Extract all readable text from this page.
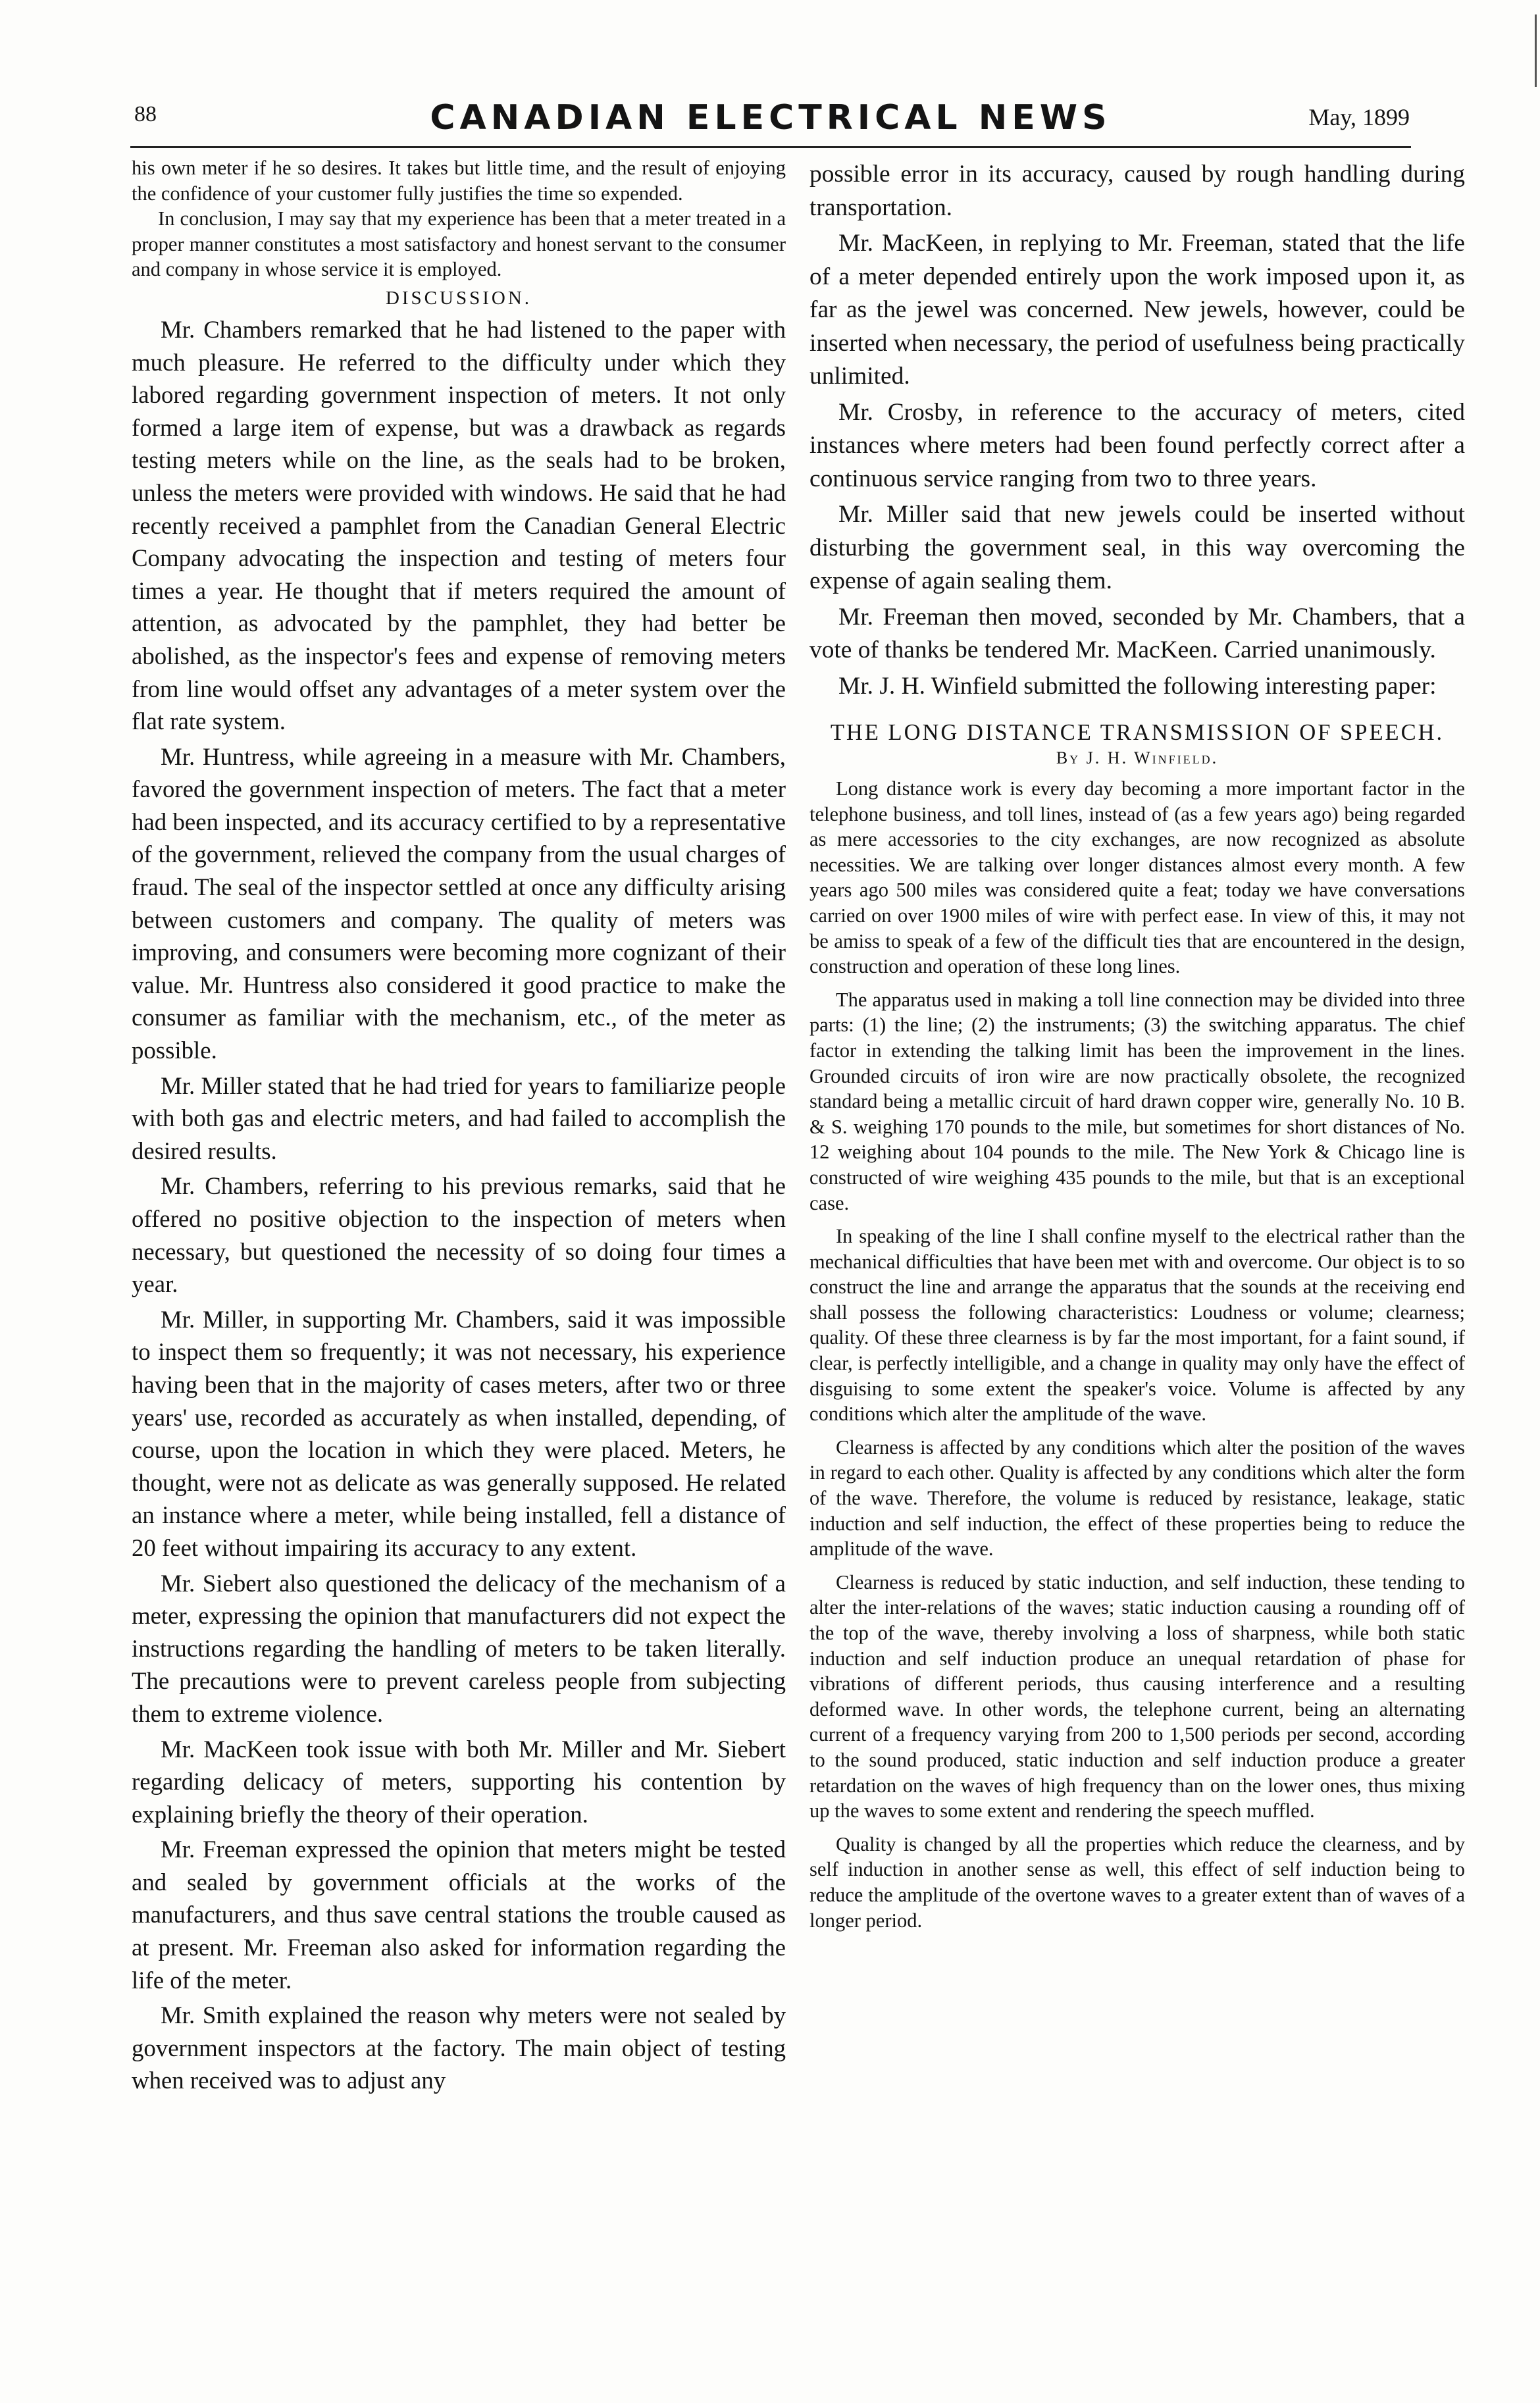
88	CANADIAN ELECTRICAL NEWS	May, 1899

his own meter if he so desires. It takes but little time, and the result of enjoying the confidence of your customer fully justifies the time so expended.

In conclusion, I may say that my experience has been that a meter treated in a proper manner constitutes a most satisfactory and honest servant to the consumer and company in whose service it is employed.

DISCUSSION.

Mr. Chambers remarked that he had listened to the paper with much pleasure. He referred to the difficulty under which they labored regarding government inspection of meters. It not only formed a large item of expense, but was a drawback as regards testing meters while on the line, as the seals had to be broken, unless the meters were provided with windows. He said that he had recently received a pamphlet from the Canadian General Electric Company advocating the inspection and testing of meters four times a year. He thought that if meters required the amount of attention, as advocated by the pamphlet, they had better be abolished, as the inspector's fees and expense of removing meters from line would offset any advantages of a meter system over the flat rate system.

Mr. Huntress, while agreeing in a measure with Mr. Chambers, favored the government inspection of meters. The fact that a meter had been inspected, and its accuracy certified to by a representative of the government, relieved the company from the usual charges of fraud. The seal of the inspector settled at once any difficulty arising between customers and company. The quality of meters was improving, and consumers were becoming more cognizant of their value. Mr. Huntress also considered it good practice to make the consumer as familiar with the mechanism, etc., of the meter as possible.

Mr. Miller stated that he had tried for years to familiarize people with both gas and electric meters, and had failed to accomplish the desired results.

Mr. Chambers, referring to his previous remarks, said that he offered no positive objection to the inspection of meters when necessary, but questioned the necessity of so doing four times a year.

Mr. Miller, in supporting Mr. Chambers, said it was impossible to inspect them so frequently; it was not necessary, his experience having been that in the majority of cases meters, after two or three years' use, recorded as accurately as when installed, depending, of course, upon the location in which they were placed. Meters, he thought, were not as delicate as was generally supposed. He related an instance where a meter, while being installed, fell a distance of 20 feet without impairing its accuracy to any extent.

Mr. Siebert also questioned the delicacy of the mechanism of a meter, expressing the opinion that manufacturers did not expect the instructions regarding the handling of meters to be taken literally. The precautions were to prevent careless people from subjecting them to extreme violence.

Mr. MacKeen took issue with both Mr. Miller and Mr. Siebert regarding delicacy of meters, supporting his contention by explaining briefly the theory of their operation.

Mr. Freeman expressed the opinion that meters might be tested and sealed by government officials at the works of the manufacturers, and thus save central stations the trouble caused as at present. Mr. Freeman also asked for information regarding the life of the meter.

Mr. Smith explained the reason why meters were not sealed by government inspectors at the factory. The main object of testing when received was to adjust any

possible error in its accuracy, caused by rough handling during transportation.

Mr. MacKeen, in replying to Mr. Freeman, stated that the life of a meter depended entirely upon the work imposed upon it, as far as the jewel was concerned. New jewels, however, could be inserted when necessary, the period of usefulness being practically unlimited.

Mr. Crosby, in reference to the accuracy of meters, cited instances where meters had been found perfectly correct after a continuous service ranging from two to three years.

Mr. Miller said that new jewels could be inserted without disturbing the government seal, in this way overcoming the expense of again sealing them.

Mr. Freeman then moved, seconded by Mr. Chambers, that a vote of thanks be tendered Mr. MacKeen. Carried unanimously.

Mr. J. H. Winfield submitted the following interesting paper:

THE LONG DISTANCE TRANSMISSION OF SPEECH.
By J. H. Winfield.

Long distance work is every day becoming a more important factor in the telephone business, and toll lines, instead of (as a few years ago) being regarded as mere accessories to the city exchanges, are now recognized as absolute necessities. We are talking over longer distances almost every month. A few years ago 500 miles was considered quite a feat; today we have conversations carried on over 1900 miles of wire with perfect ease. In view of this, it may not be amiss to speak of a few of the difficult ties that are encountered in the design, construction and operation of these long lines.

The apparatus used in making a toll line connection may be divided into three parts: (1) the line; (2) the instruments; (3) the switching apparatus. The chief factor in extending the talking limit has been the improvement in the lines. Grounded circuits of iron wire are now practically obsolete, the recognized standard being a metallic circuit of hard drawn copper wire, generally No. 10 B. & S. weighing 170 pounds to the mile, but sometimes for short distances of No. 12 weighing about 104 pounds to the mile. The New York & Chicago line is constructed of wire weighing 435 pounds to the mile, but that is an exceptional case.

In speaking of the line I shall confine myself to the electrical rather than the mechanical difficulties that have been met with and overcome. Our object is to so construct the line and arrange the apparatus that the sounds at the receiving end shall possess the following characteristics: Loudness or volume; clearness; quality. Of these three clearness is by far the most important, for a faint sound, if clear, is perfectly intelligible, and a change in quality may only have the effect of disguising to some extent the speaker's voice. Volume is affected by any conditions which alter the amplitude of the wave.

Clearness is affected by any conditions which alter the position of the waves in regard to each other. Quality is affected by any conditions which alter the form of the wave. Therefore, the volume is reduced by resistance, leakage, static induction and self induction, the effect of these properties being to reduce the amplitude of the wave.

Clearness is reduced by static induction, and self induction, these tending to alter the inter-relations of the waves; static induction causing a rounding off of the top of the wave, thereby involving a loss of sharpness, while both static induction and self induction produce an unequal retardation of phase for vibrations of different periods, thus causing interference and a resulting deformed wave. In other words, the telephone current, being an alternating current of a frequency varying from 200 to 1,500 periods per second, according to the sound produced, static induction and self induction produce a greater retardation on the waves of high frequency than on the lower ones, thus mixing up the waves to some extent and rendering the speech muffled.

Quality is changed by all the properties which reduce the clearness, and by self induction in another sense as well, this effect of self induction being to reduce the amplitude of the overtone waves to a greater extent than of waves of a longer period.
